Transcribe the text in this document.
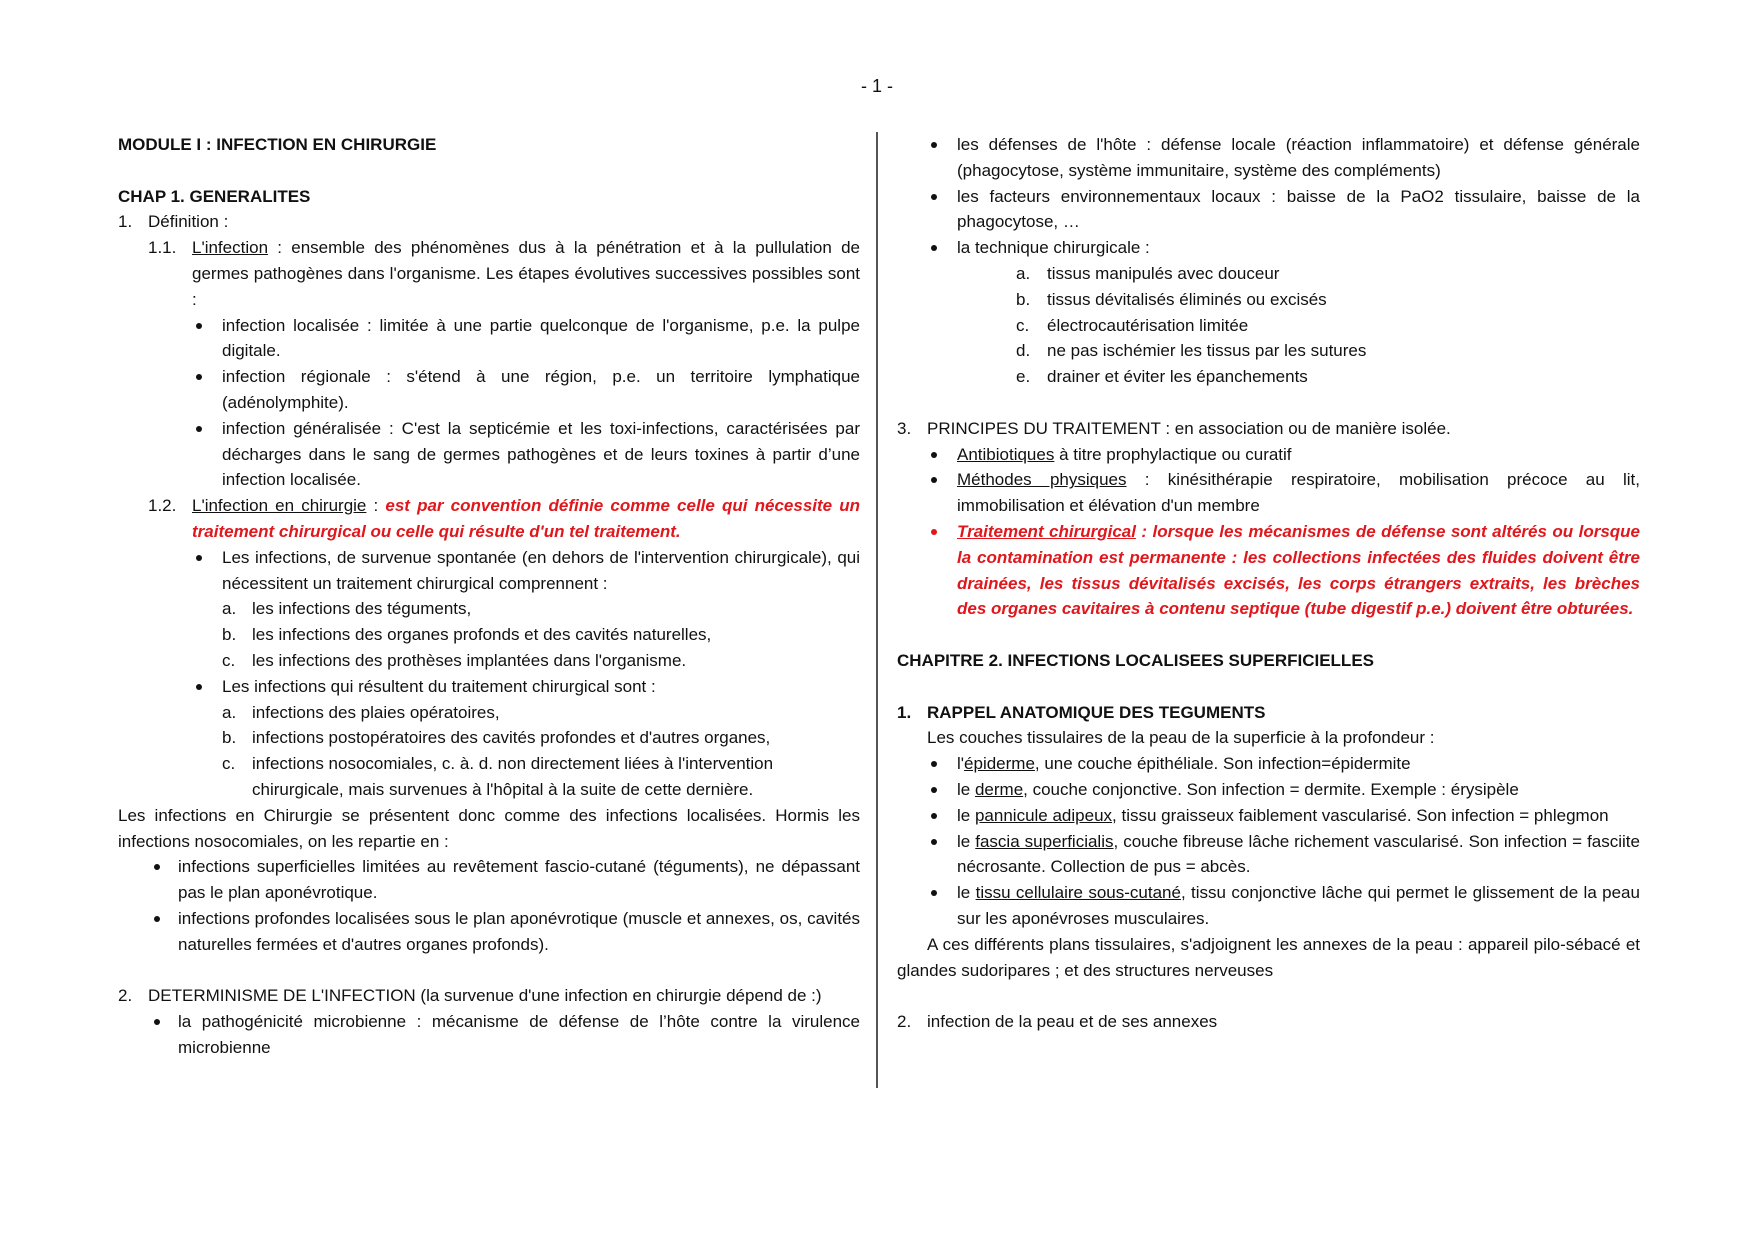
- 1 -

MODULE I : INFECTION EN CHIRURGIE

CHAP 1. GENERALITES

1. Définition :
1.1. L'infection : ensemble des phénomènes dus à la pénétration et à la pullulation de germes pathogènes dans l'organisme. Les étapes évolutives successives possibles sont :
infection localisée : limitée à une partie quelconque de l'organisme, p.e. la pulpe digitale.
infection régionale : s'étend à une région, p.e. un territoire lymphatique (adénolymphite).
infection généralisée : C'est la septicémie et les toxi-infections, caractérisées par décharges dans le sang de germes pathogènes et de leurs toxines à partir d’une infection localisée.
1.2. L'infection en chirurgie : est par convention définie comme celle qui nécessite un traitement chirurgical ou celle qui résulte d'un tel traitement.
Les infections, de survenue spontanée (en dehors de l'intervention chirurgicale), qui nécessitent un traitement chirurgical comprennent :
a. les infections des téguments,
b. les infections des organes profonds et des cavités naturelles,
c. les infections des prothèses implantées dans l'organisme.
Les infections qui résultent du traitement chirurgical sont :
a. infections des plaies opératoires,
b. infections postopératoires des cavités profondes et d'autres organes,
c. infections nosocomiales, c. à. d. non directement liées à l'intervention chirurgicale, mais survenues à l'hôpital à la suite de cette dernière.

Les infections en Chirurgie se présentent donc comme des infections localisées. Hormis les infections nosocomiales, on les repartie en :

infections superficielles limitées au revêtement fascio-cutané (téguments), ne dépassant pas le plan aponévrotique.
infections profondes localisées sous le plan aponévrotique (muscle et annexes, os, cavités naturelles fermées et d'autres organes profonds).
2. DETERMINISME DE L'INFECTION (la survenue d'une infection en chirurgie dépend de :)
la pathogénicité microbienne : mécanisme de défense de l’hôte contre la virulence microbienne
les défenses de l'hôte : défense locale (réaction inflammatoire) et défense générale (phagocytose, système immunitaire, système des compléments)
les facteurs environnementaux locaux : baisse de la PaO2 tissulaire, baisse de la phagocytose, …
la technique chirurgicale :
a. tissus manipulés avec douceur
b. tissus dévitalisés éliminés ou excisés
c. électrocautérisation limitée
d. ne pas ischémier les tissus par les sutures
e. drainer et éviter les épanchements
3. PRINCIPES DU TRAITEMENT : en association ou de manière isolée.
Antibiotiques à titre prophylactique ou curatif
Méthodes physiques : kinésithérapie respiratoire, mobilisation précoce au lit, immobilisation et élévation d'un membre
Traitement chirurgical : lorsque les mécanismes de défense sont altérés ou lorsque la contamination est permanente : les collections infectées des fluides doivent être drainées, les tissus dévitalisés excisés, les corps étrangers extraits, les brèches des organes cavitaires à contenu septique (tube digestif p.e.) doivent être obturées.

CHAPITRE 2. INFECTIONS LOCALISEES SUPERFICIELLES

1. RAPPEL ANATOMIQUE DES TEGUMENTS

Les couches tissulaires de la peau de la superficie à la profondeur :

l'épiderme, une couche épithéliale. Son infection=épidermite
le derme, couche conjonctive. Son infection = dermite. Exemple : érysipèle
le pannicule adipeux, tissu graisseux faiblement vascularisé. Son infection = phlegmon
le fascia superficialis, couche fibreuse lâche richement vascularisé. Son infection = fasciite nécrosante. Collection de pus = abcès.
le tissu cellulaire sous-cutané, tissu conjonctive lâche qui permet le glissement de la peau sur les aponévroses musculaires.

A ces différents plans tissulaires, s'adjoignent les annexes de la peau : appareil pilo-sébacé et glandes sudoripares ; et des structures nerveuses

2. infection de la peau et de ses annexes
